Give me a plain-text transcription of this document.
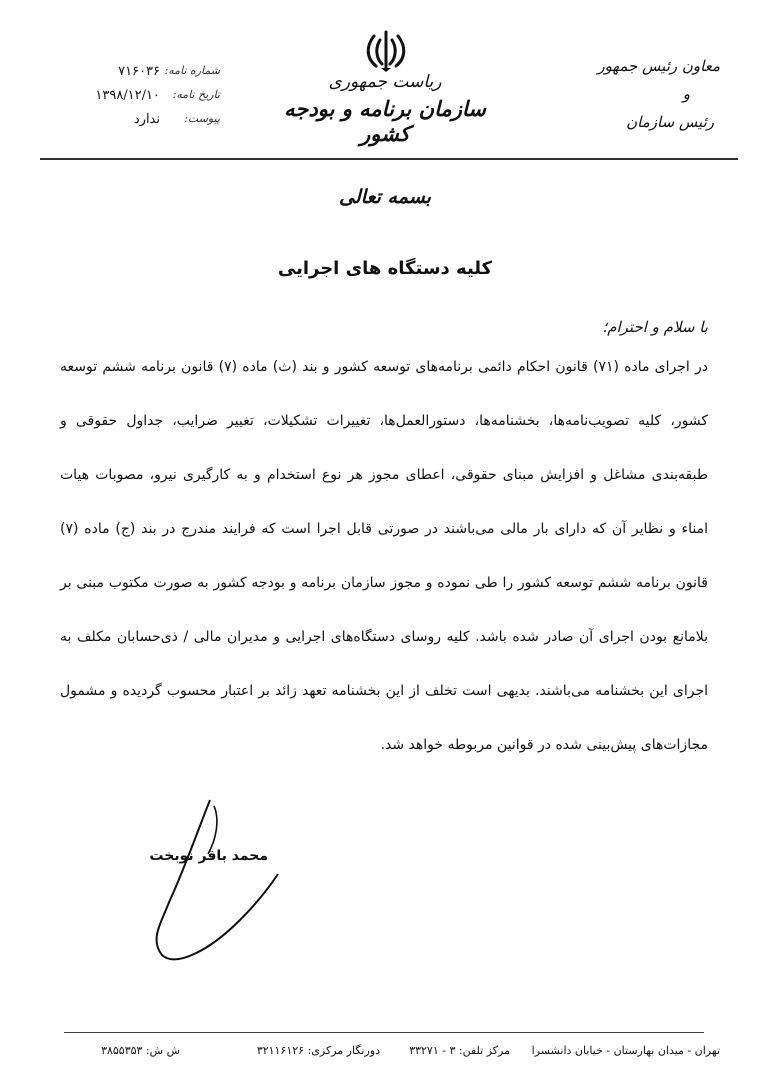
معاون رئیس جمهور
و
رئیس سازمان
ریاست جمهوری
سازمان برنامه و بودجه کشور
۷۱۶۰۳۶ شماره نامه:
۱۳۹۸/۱۲/۱۰	تاریخ نامه:
ندارد	پیوست:
بسمه تعالی
کلیه دستگاه های اجرایی
با سلام و احترام؛
در اجرای ماده (۷۱) قانون احکام دائمی برنامه‌های توسعه کشور و بند (ث) ماده (۷) قانون برنامه ششم توسعه کشور، کلیه تصویب‌نامه‌ها، بخشنامه‌ها، دستورالعمل‌ها، تغییرات تشکیلات، تغییر ضرایب، جداول حقوقی و طبقه‌بندی مشاغل و افزایش مبنای حقوقی، اعطای مجوز هر نوع استخدام و به کارگیری نیرو، مصوبات هیات امناء و نظایر آن که دارای بار مالی می‌باشند در صورتی قابل اجرا است که فرایند مندرج در بند (ج) ماده (۷) قانون برنامه ششم توسعه کشور را طی نموده و مجوز سازمان برنامه و بودجه کشور به صورت مکتوب مبنی بر بلامانع بودن اجرای آن صادر شده باشد. کلیه روسای دستگاه‌های اجرایی و مدیران مالی / ذی‌حسابان مکلف به اجرای این بخشنامه می‌باشند. بدیهی است تخلف از این بخشنامه تعهد زائد بر اعتبار محسوب گردیده و مشمول مجازات‌های پیش‌بینی شده در قوانین مربوطه خواهد شد.
محمد باقر نوبخت
تهران - میدان بهارستان - خیابان دانشسرا
مرکز تلفن: ۳ - ۳۳۲۷۱
دورنگار مرکزی: ۳۲۱۱۶۱۲۶
ش ش: ۳۸۵۵۳۵۳
